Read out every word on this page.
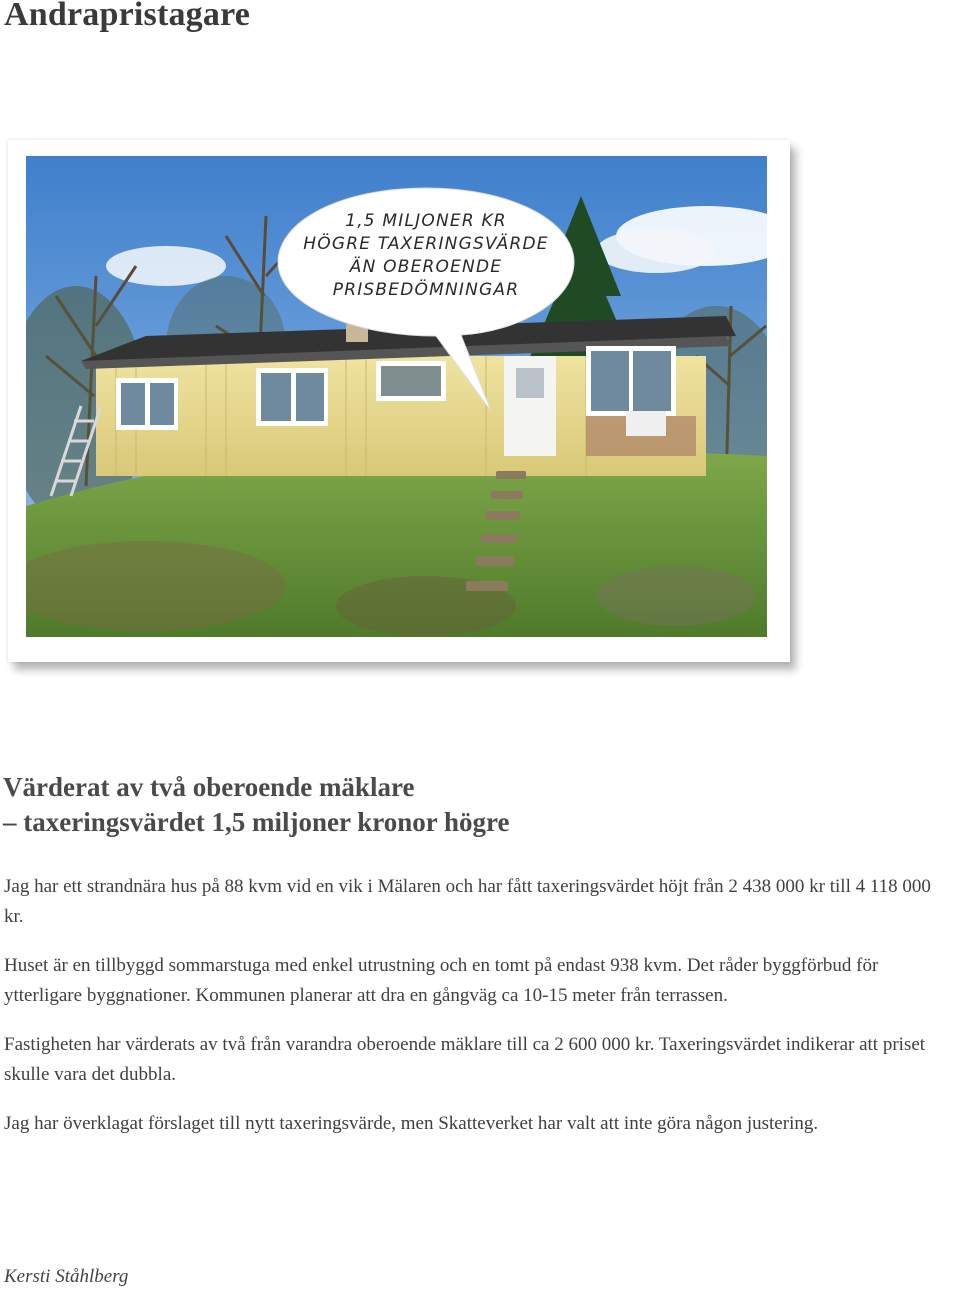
Andrapristagare
1,5 MILJONER KR
HÖGRE TAXERINGSVÄRDE
ÄN OBEROENDE
PRISBEDÖMNINGAR
Värderat av två oberoende mäklare
– taxeringsvärdet 1,5 miljoner kronor högre

Jag har ett strandnära hus på 88 kvm vid en vik i Mälaren och har fått taxeringsvärdet höjt från 2 438 000 kr till 4 118 000 kr.

Huset är en tillbyggd sommarstuga med enkel utrustning och en tomt på endast 938 kvm. Det råder byggförbud för ytterligare byggnationer. Kommunen planerar att dra en gångväg ca 10-15 meter från terrassen.

Fastigheten har värderats av två från varandra oberoende mäklare till ca 2 600 000 kr. Taxeringsvärdet indikerar att priset skulle vara det dubbla.

Jag har överklagat förslaget till nytt taxeringsvärde, men Skatteverket har valt att inte göra någon justering.

Kersti Ståhlberg
